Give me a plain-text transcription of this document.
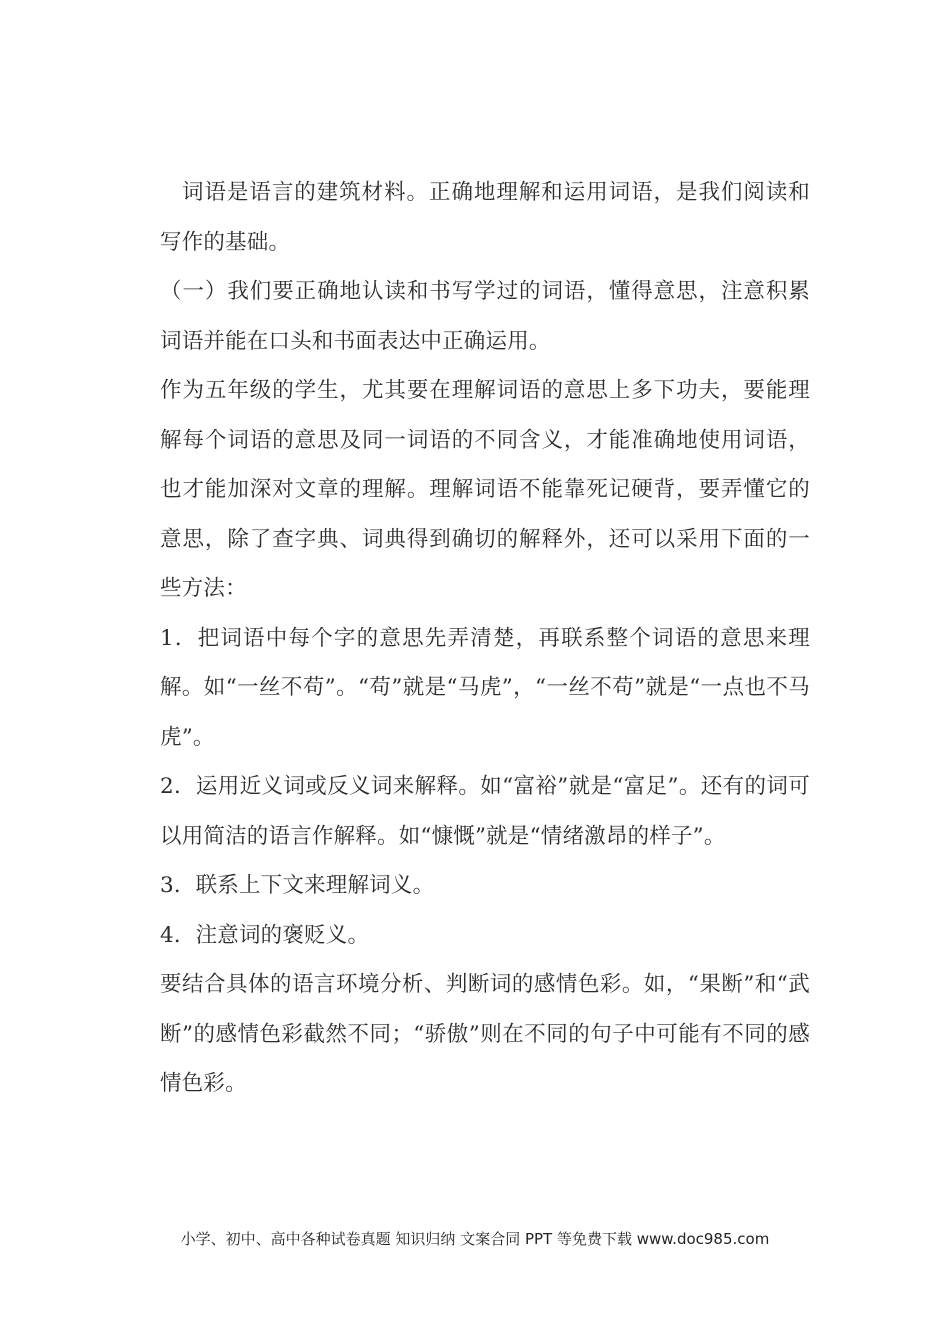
词语是语言的建筑材料。正确地理解和运用词语，是我们阅读和写作的基础。

（一）我们要正确地认读和书写学过的词语，懂得意思，注意积累词语并能在口头和书面表达中正确运用。

作为五年级的学生，尤其要在理解词语的意思上多下功夫，要能理解每个词语的意思及同一词语的不同含义，才能准确地使用词语，也才能加深对文章的理解。理解词语不能靠死记硬背，要弄懂它的意思，除了查字典、词典得到确切的解释外，还可以采用下面的一些方法：

1．把词语中每个字的意思先弄清楚，再联系整个词语的意思来理解。如“一丝不苟”。“苟”就是“马虎”，“一丝不苟”就是“一点也不马虎”。

2．运用近义词或反义词来解释。如“富裕”就是“富足”。还有的词可以用简洁的语言作解释。如“慷慨”就是“情绪激昂的样子”。

3．联系上下文来理解词义。

4．注意词的褒贬义。

要结合具体的语言环境分析、判断词的感情色彩。如，“果断”和“武断”的感情色彩截然不同；“骄傲”则在不同的句子中可能有不同的感情色彩。

小学、初中、高中各种试卷真题 知识归纳 文案合同 PPT 等免费下载 www.doc985.com
